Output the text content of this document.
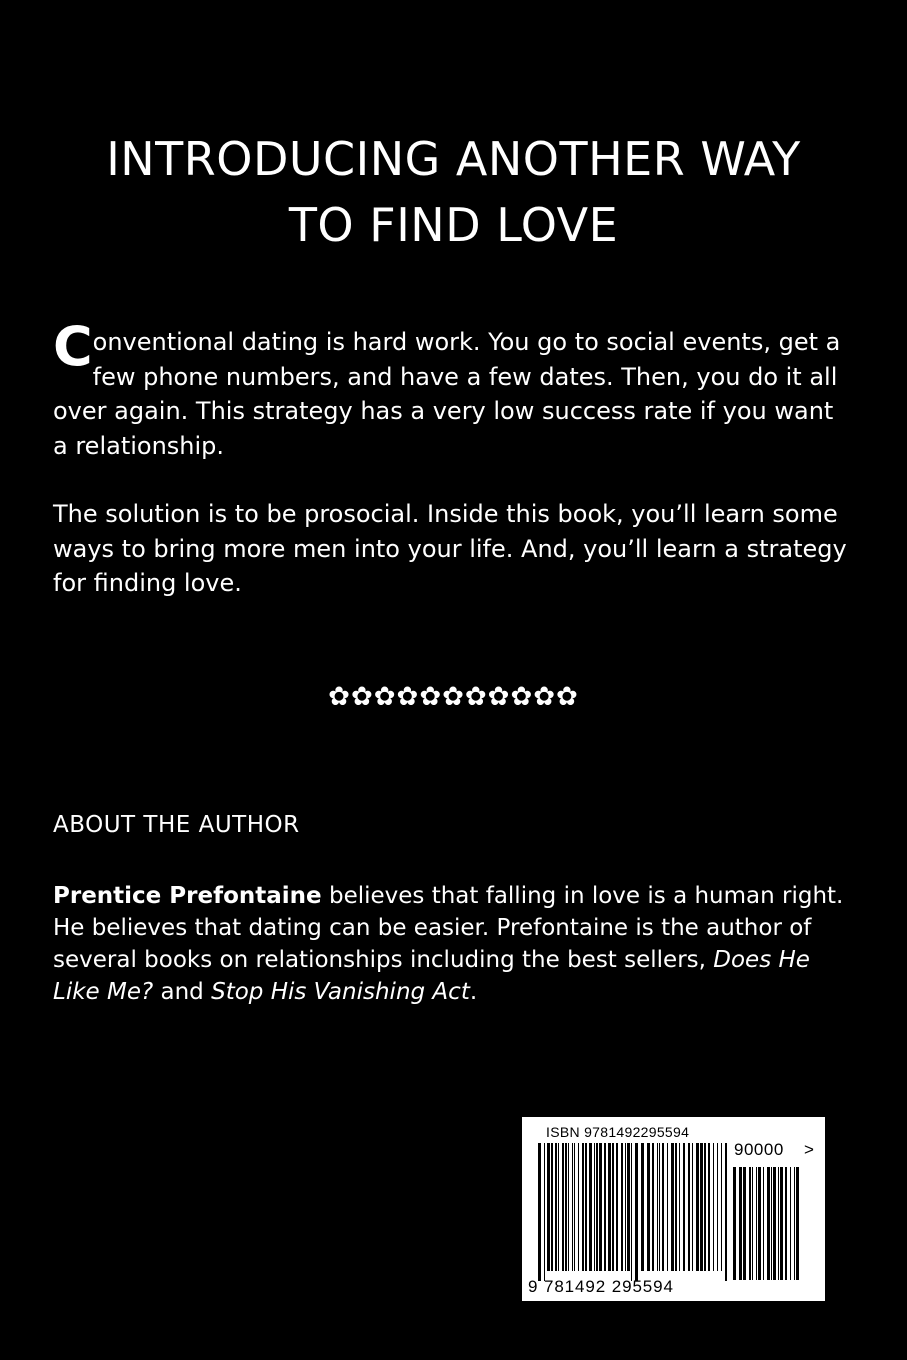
INTRODUCING ANOTHER WAY
TO FIND LOVE

Conventional dating is hard work. You go to social events, get a few phone numbers, and have a few dates. Then, you do it all over again. This strategy has a very low success rate if you want a relationship.

The solution is to be prosocial. Inside this book, you’ll learn some ways to bring more men into your life. And, you’ll learn a strategy for finding love.

✿✿✿✿✿✿✿✿✿✿✿
ABOUT THE AUTHOR

Prentice Prefontaine believes that falling in love is a human right. He believes that dating can be easier. Prefontaine is the author of several books on relationships including the best sellers, Does He Like Me? and Stop His Vanishing Act.

ISBN 9781492295594
90000 >
9 781492 295594
